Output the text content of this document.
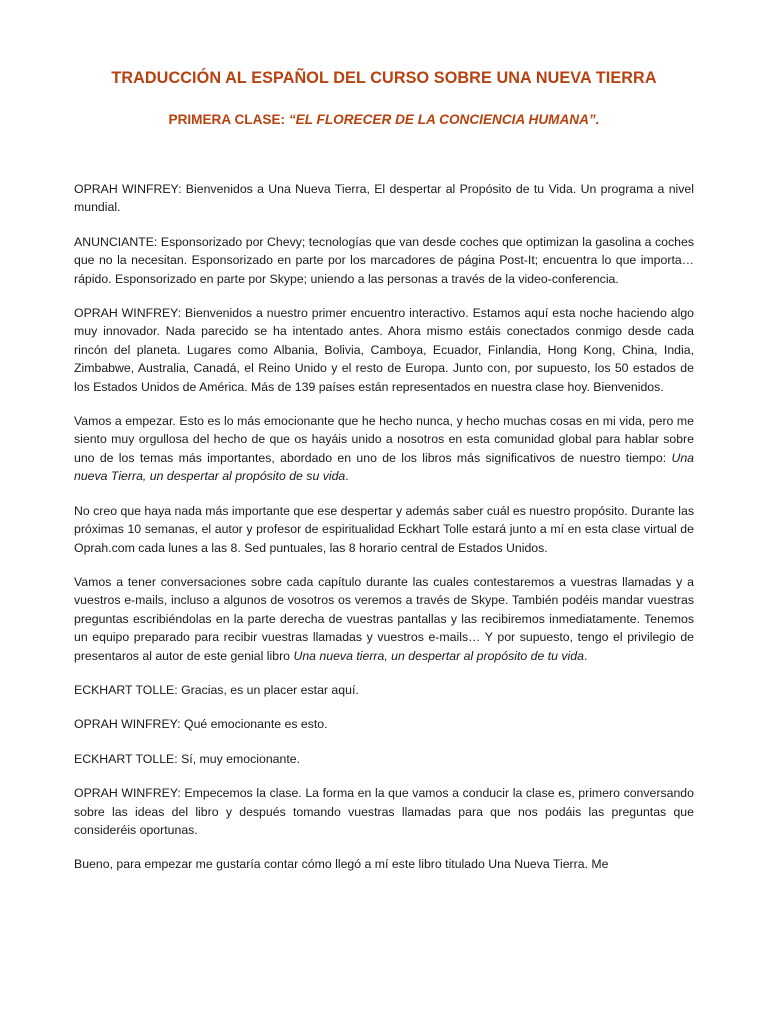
TRADUCCIÓN AL ESPAÑOL DEL CURSO SOBRE UNA NUEVA TIERRA
PRIMERA CLASE: “EL FLORECER DE LA CONCIENCIA HUMANA”.

OPRAH WINFREY: Bienvenidos a Una Nueva Tierra, El despertar al Propósito de tu Vida. Un programa a nivel mundial.

ANUNCIANTE: Esponsorizado por Chevy; tecnologías que van desde coches que optimizan la gasolina a coches que no la necesitan. Esponsorizado en parte por los marcadores de página Post-It; encuentra lo que importa… rápido. Esponsorizado en parte por Skype; uniendo a las personas a través de la video-conferencia.

OPRAH WINFREY: Bienvenidos a nuestro primer encuentro interactivo. Estamos aquí esta noche haciendo algo muy innovador. Nada parecido se ha intentado antes. Ahora mismo estáis conectados conmigo desde cada rincón del planeta. Lugares como Albania, Bolivia, Camboya, Ecuador, Finlandia, Hong Kong, China, India, Zimbabwe, Australia, Canadá, el Reino Unido y el resto de Europa. Junto con, por supuesto, los 50 estados de los Estados Unidos de América. Más de 139 países están representados en nuestra clase hoy. Bienvenidos.

Vamos a empezar. Esto es lo más emocionante que he hecho nunca, y hecho muchas cosas en mi vida, pero me siento muy orgullosa del hecho de que os hayáis unido a nosotros en esta comunidad global para hablar sobre uno de los temas más importantes, abordado en uno de los libros más significativos de nuestro tiempo: Una nueva Tierra, un despertar al propósito de su vida.

No creo que haya nada más importante que ese despertar y además saber cuál es nuestro propósito. Durante las próximas 10 semanas, el autor y profesor de espiritualidad Eckhart Tolle estará junto a mí en esta clase virtual de Oprah.com cada lunes a las 8. Sed puntuales, las 8 horario central de Estados Unidos.

Vamos a tener conversaciones sobre cada capítulo durante las cuales contestaremos a vuestras llamadas y a vuestros e-mails, incluso a algunos de vosotros os veremos a través de Skype. También podéis mandar vuestras preguntas escribiéndolas en la parte derecha de vuestras pantallas y las recibiremos inmediatamente. Tenemos un equipo preparado para recibir vuestras llamadas y vuestros e-mails… Y por supuesto, tengo el privilegio de presentaros al autor de este genial libro Una nueva tierra, un despertar al propósito de tu vida.

ECKHART TOLLE: Gracias, es un placer estar aquí.

OPRAH WINFREY: Qué emocionante es esto.

ECKHART TOLLE: Sí, muy emocionante.

OPRAH WINFREY: Empecemos la clase. La forma en la que vamos a conducir la clase es, primero conversando sobre las ideas del libro y después tomando vuestras llamadas para que nos podáis las preguntas que consideréis oportunas.

Bueno, para empezar me gustaría contar cómo llegó a mí este libro titulado Una Nueva Tierra. Me
